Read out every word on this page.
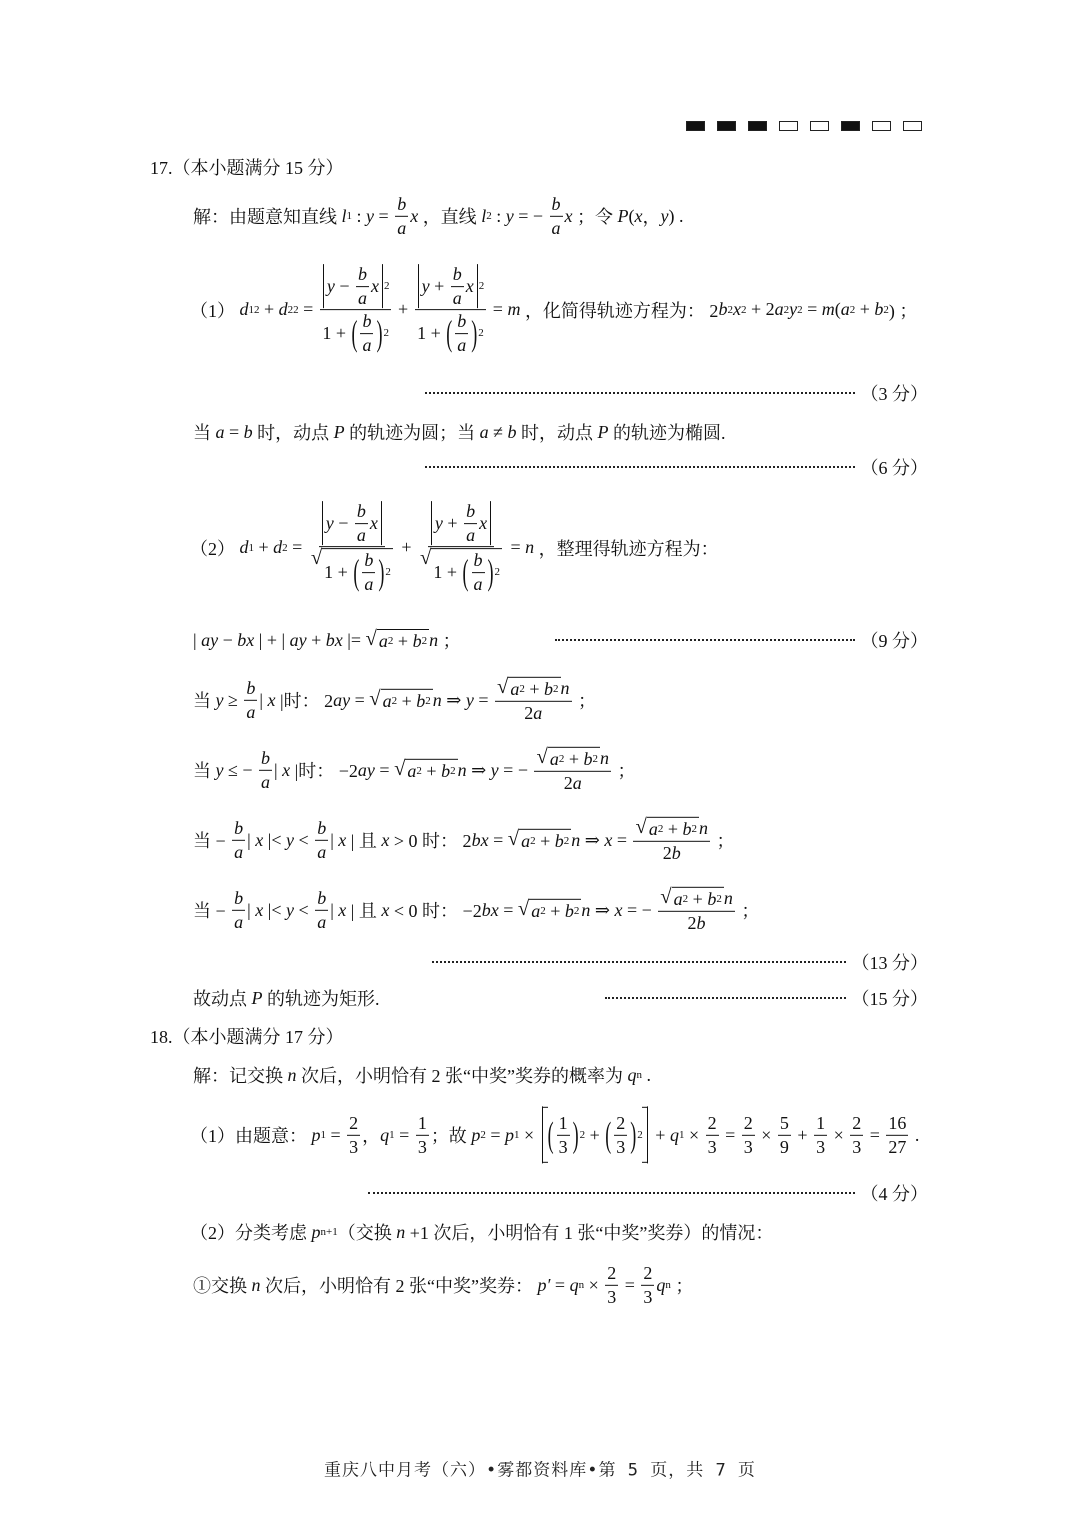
17.（本小题满分 15 分）
解：由题意知直线 l 1 : $y = \frac{b}{a}$ x ，直线 l 2 : y = − $\frac{b}{a}$ x ；令 P ( x ， y ) .
（1） d 1 2 + d 2 $2 = \frac{y - \frac{b}{a} x 2}{1 + ( \frac{b}{a} ) 2} + \frac{y + \frac{b}{a} x 2}{1 + ( \frac{b}{a} ) 2} = m$ ，化简得轨迹方程为： 2 b 2 x 2 + 2 a 2 y 2 = m ( a 2 + b 2 ) ；
（3 分）
当 a = b 时，动点 P 的轨迹为圆；当 a ≠ b 时，动点 P 的轨迹为椭圆.
（6 分）
（2） d 1 + d $2 = y - \frac{b}{a}$ x
√
1 + ( $\frac{b}{a}$ ) $2 + y + \frac{b}{a}$ x
√
1 + ( $\frac{b}{a}$ ) 2 = n ，整理得轨迹方程为：
| ay − bx | + | ay + bx |= √ a 2 + b 2 n ；	（9 分）
当 $y \ge \frac{b}{a}$ | x |时： 2 ay = √ a 2 + b 2 n ⇒ $y = \frac{√ a 2 + b 2 n}{2 a}$ ；
当 y ≤ − $\frac{b}{a}$ | x |时： −2 ay = √ a 2 + b 2 n ⇒ y = − $\frac{√ a 2 + b 2 n}{2 a}$ ；
当 − $\frac{b}{a}$ | x |< $y < \frac{b}{a}$ | x | 且 x > 0 时： 2 bx = √ a 2 + b 2 n ⇒ $x = \frac{√ a 2 + b 2 n}{2 b}$ ；
当 − $\frac{b}{a}$ | x |< $y < \frac{b}{a}$ | x | 且 x < 0 时： −2 bx = √ a 2 + b 2 n ⇒ x = − $\frac{√ a 2 + b 2 n}{2 b}$ ；
（13 分）
故动点 P 的轨迹为矩形.	（15 分）
18.（本小题满分 17 分）
解：记交换 n 次后，小明恰有 2 张“中奖”奖券的概率为 q n .
（1）由题意： p $1 = \frac{2}{3}$ ， q $1 = \frac{1}{3}$ ；故 p 2 = p 1 × ( $\frac{1}{3}$ ) 2 + ( $\frac{2}{3}$ ) 2 + q $1 \times \frac{2}{3} = \frac{2}{3} \times \frac{5}{9} + \frac{1}{3} \times \frac{2}{3} = \frac{16}{27}$ .
（4 分）
（2）分类考虑 p n+1 （交换 n +1 次后，小明恰有 1 张“中奖”奖券）的情况：
①交换 n 次后，小明恰有 2 张“中奖”奖券： p′ = q $n \times \frac{2}{3} = \frac{2}{3}$ q n ；
重庆八中月考（六）•雾都资料库•第 5 页，共 7 页
